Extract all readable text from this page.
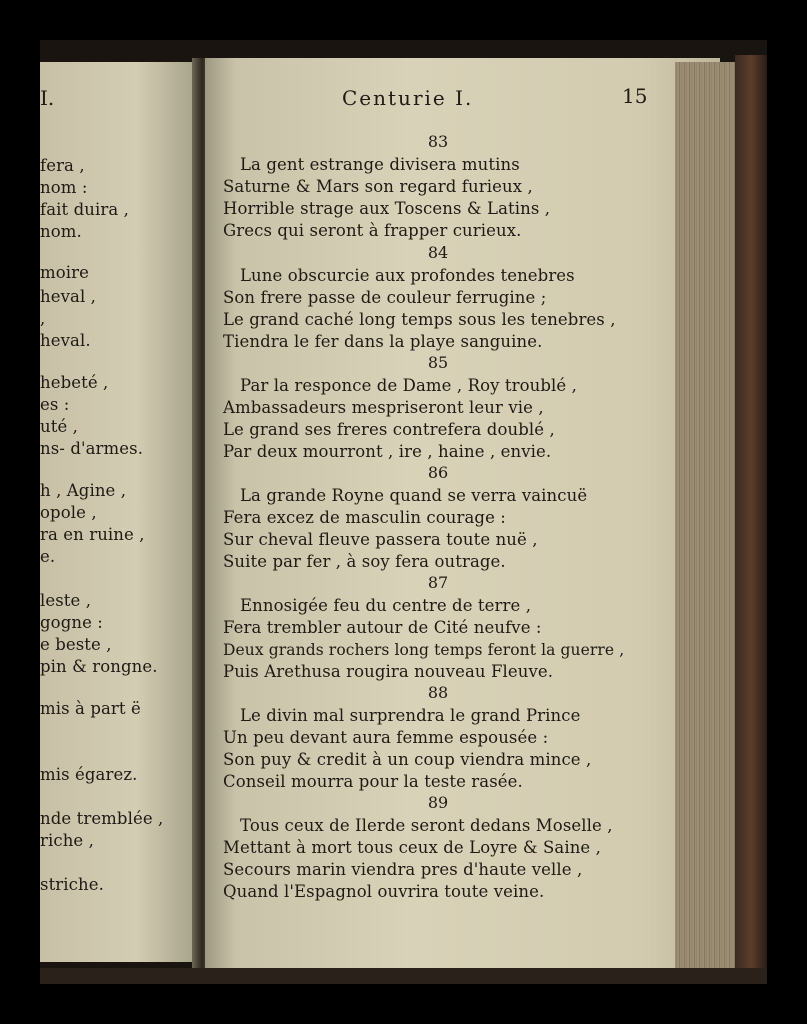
I.	Centurie I.	15
fera ,
nom :
fait duira ,
nom.
moire
heval ,
,
heval.
hebeté ,
es :
uté ,
ns- d'armes.
h , Agine ,
opole ,
ra en ruine ,
e.
leste ,
gogne :
e beste ,
pin & rongne.
mis à part ë
mis égarez.
nde tremblée ,
riche ,
striche.
83
La gent estrange divisera mutins
Saturne & Mars son regard furieux ,
Horrible strage aux Toscens & Latins ,
Grecs qui seront à frapper curieux.
84
Lune obscurcie aux profondes tenebres
Son frere passe de couleur ferrugine ;
Le grand caché long temps sous les tenebres ,
Tiendra le fer dans la playe sanguine.
85
Par la responce de Dame , Roy troublé ,
Ambassadeurs mespriseront leur vie ,
Le grand ses freres contrefera doublé ,
Par deux mourront , ire , haine , envie.
86
La grande Royne quand se verra vaincuë
Fera excez de masculin courage :
Sur cheval fleuve passera toute nuë ,
Suite par fer , à soy fera outrage.
87
Ennosigée feu du centre de terre ,
Fera trembler autour de Cité neufve :
Deux grands rochers long temps feront la guerre ,
Puis Arethusa rougira nouveau Fleuve.
88
Le divin mal surprendra le grand Prince
Un peu devant aura femme espousée :
Son puy & credit à un coup viendra mince ,
Conseil mourra pour la teste rasée.
89
Tous ceux de Ilerde seront dedans Moselle ,
Mettant à mort tous ceux de Loyre & Saine ,
Secours marin viendra pres d'haute velle ,
Quand l'Espagnol ouvrira toute veine.
